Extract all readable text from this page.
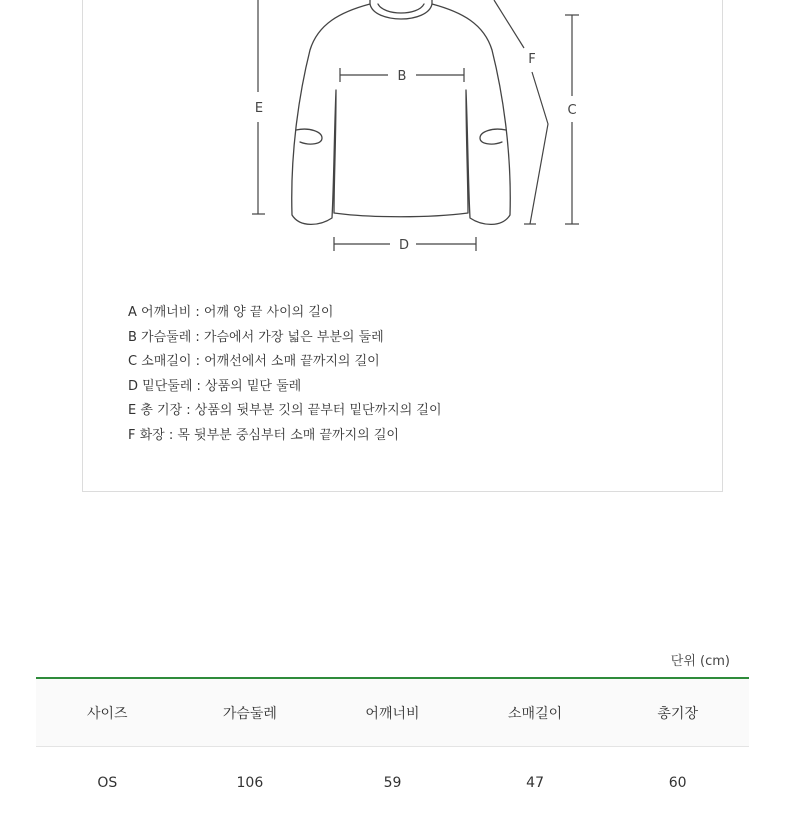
E
B
D
F
C
A 어깨너비 : 어깨 양 끝 사이의 길이
B 가슴둘레 : 가슴에서 가장 넓은 부분의 둘레
C 소매길이 : 어깨선에서 소매 끝까지의 길이
D 밑단둘레 : 상품의 밑단 둘레
E 총 기장 : 상품의 뒷부분 깃의 끝부터 밑단까지의 길이
F 화장 : 목 뒷부분 중심부터 소매 끝까지의 길이
단위 (cm)
사이즈	가슴둘레	어깨너비	소매길이	총기장
OS	106	59	47	60
